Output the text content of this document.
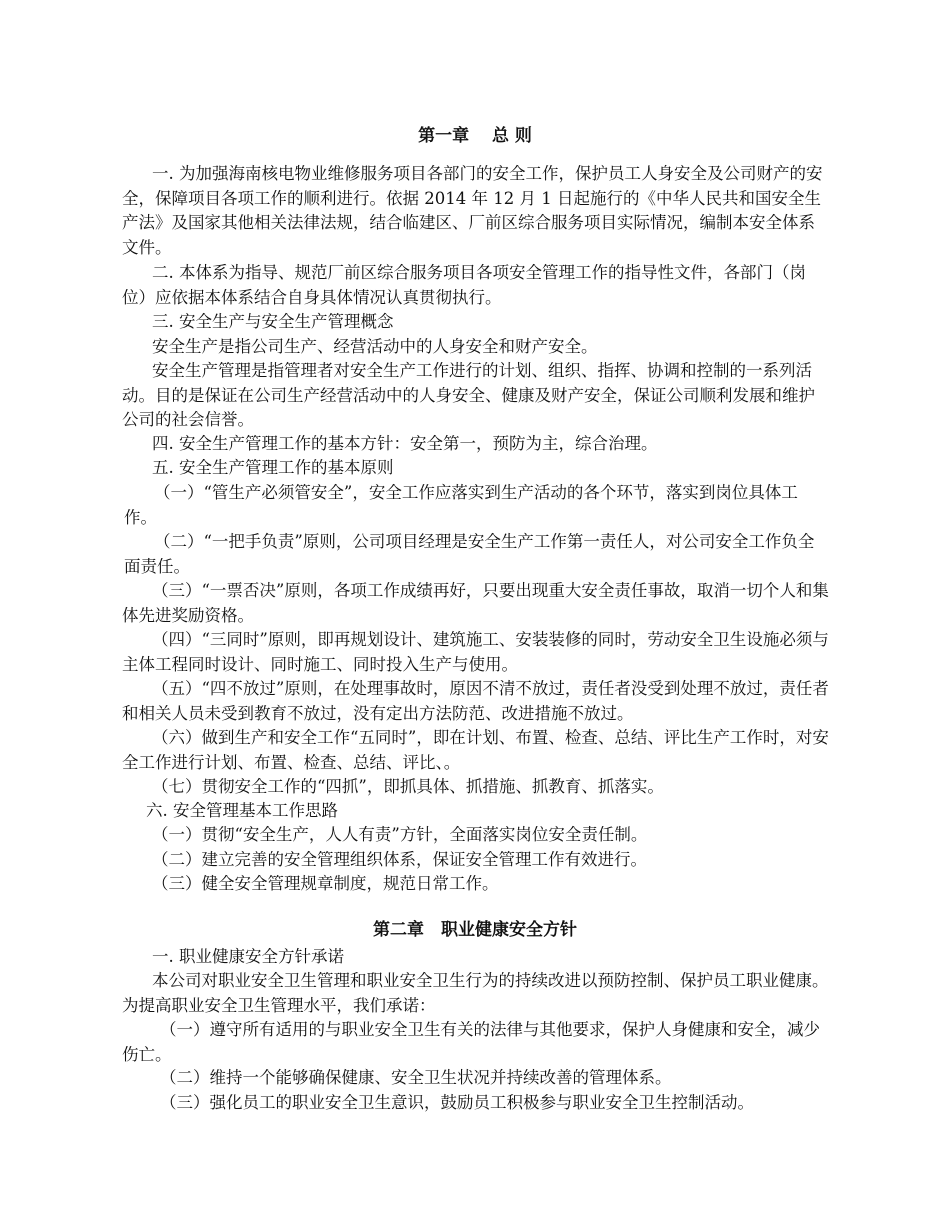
第一章　 总 则

一. 为加强海南核电物业维修服务项目各部门的安全工作，保护员工人身安全及公司财产的安全，保障项目各项工作的顺利进行。依据 2014 年 12 月 1 日起施行的《中华人民共和国安全生产法》及国家其他相关法律法规，结合临建区、厂前区综合服务项目实际情况，编制本安全体系文件。

二. 本体系为指导、规范厂前区综合服务项目各项安全管理工作的指导性文件，各部门（岗位）应依据本体系结合自身具体情况认真贯彻执行。

三. 安全生产与安全生产管理概念

安全生产是指公司生产、经营活动中的人身安全和财产安全。

安全生产管理是指管理者对安全生产工作进行的计划、组织、指挥、协调和控制的一系列活动。目的是保证在公司生产经营活动中的人身安全、健康及财产安全，保证公司顺利发展和维护公司的社会信誉。

四. 安全生产管理工作的基本方针：安全第一，预防为主，综合治理。

五. 安全生产管理工作的基本原则

（一）“管生产必须管安全”，安全工作应落实到生产活动的各个环节，落实到岗位具体工作。

（二）“一把手负责”原则，公司项目经理是安全生产工作第一责任人，对公司安全工作负全面责任。

（三）“一票否决”原则，各项工作成绩再好，只要出现重大安全责任事故，取消一切个人和集体先进奖励资格。

（四）“三同时”原则，即再规划设计、建筑施工、安装装修的同时，劳动安全卫生设施必须与主体工程同时设计、同时施工、同时投入生产与使用。

（五）“四不放过”原则，在处理事故时，原因不清不放过，责任者没受到处理不放过，责任者和相关人员未受到教育不放过，没有定出方法防范、改进措施不放过。

（六）做到生产和安全工作“五同时”，即在计划、布置、检查、总结、评比生产工作时，对安全工作进行计划、布置、检查、总结、评比、。

（七）贯彻安全工作的“四抓”，即抓具体、抓措施、抓教育、抓落实。

六. 安全管理基本工作思路

（一）贯彻“安全生产，人人有责”方针，全面落实岗位安全责任制。

（二）建立完善的安全管理组织体系，保证安全管理工作有效进行。

（三）健全安全管理规章制度，规范日常工作。

第二章　职业健康安全方针

一. 职业健康安全方针承诺

本公司对职业安全卫生管理和职业安全卫生行为的持续改进以预防控制、保护员工职业健康。为提高职业安全卫生管理水平，我们承诺：

（一）遵守所有适用的与职业安全卫生有关的法律与其他要求，保护人身健康和安全，减少伤亡。

（二）维持一个能够确保健康、安全卫生状况并持续改善的管理体系。

（三）强化员工的职业安全卫生意识，鼓励员工积极参与职业安全卫生控制活动。
